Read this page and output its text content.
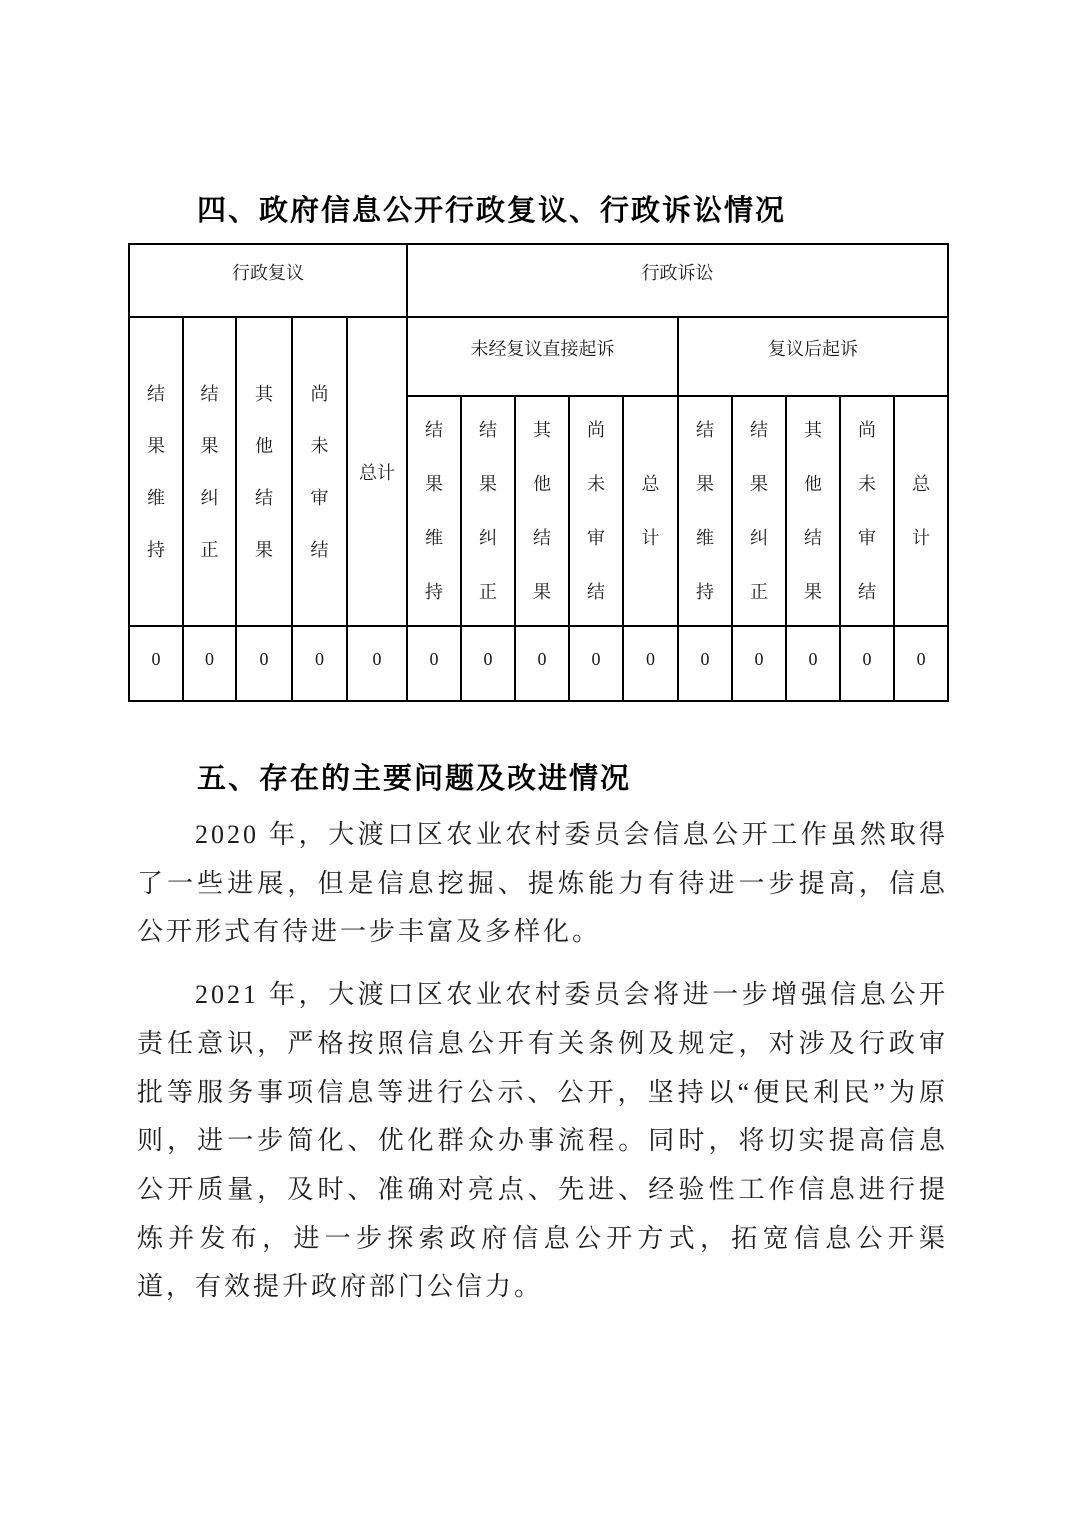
四、政府信息公开行政复议、行政诉讼情况
行政复议					行政诉讼									
结果维持	结果纠正	其他结果	尚未审结	总计	未经复议直接起诉					复议后起诉				
					结果维持	结果纠正	其他结果	尚未审结	总计	结果维持	结果纠正	其他结果	尚未审结	总计
0	0	0	0	0	0	0	0	0	0	0	0	0	0	0
五、存在的主要问题及改进情况

2020 年，大渡口区农业农村委员会信息公开工作虽然取得了一些进展，但是信息挖掘、提炼能力有待进一步提高，信息公开形式有待进一步丰富及多样化。

2021 年，大渡口区农业农村委员会将进一步增强信息公开责任意识，严格按照信息公开有关条例及规定，对涉及行政审批等服务事项信息等进行公示、公开，坚持以“便民利民”为原则，进一步简化、优化群众办事流程。同时，将切实提高信息公开质量，及时、准确对亮点、先进、经验性工作信息进行提炼并发布，进一步探索政府信息公开方式，拓宽信息公开渠道，有效提升政府部门公信力。
